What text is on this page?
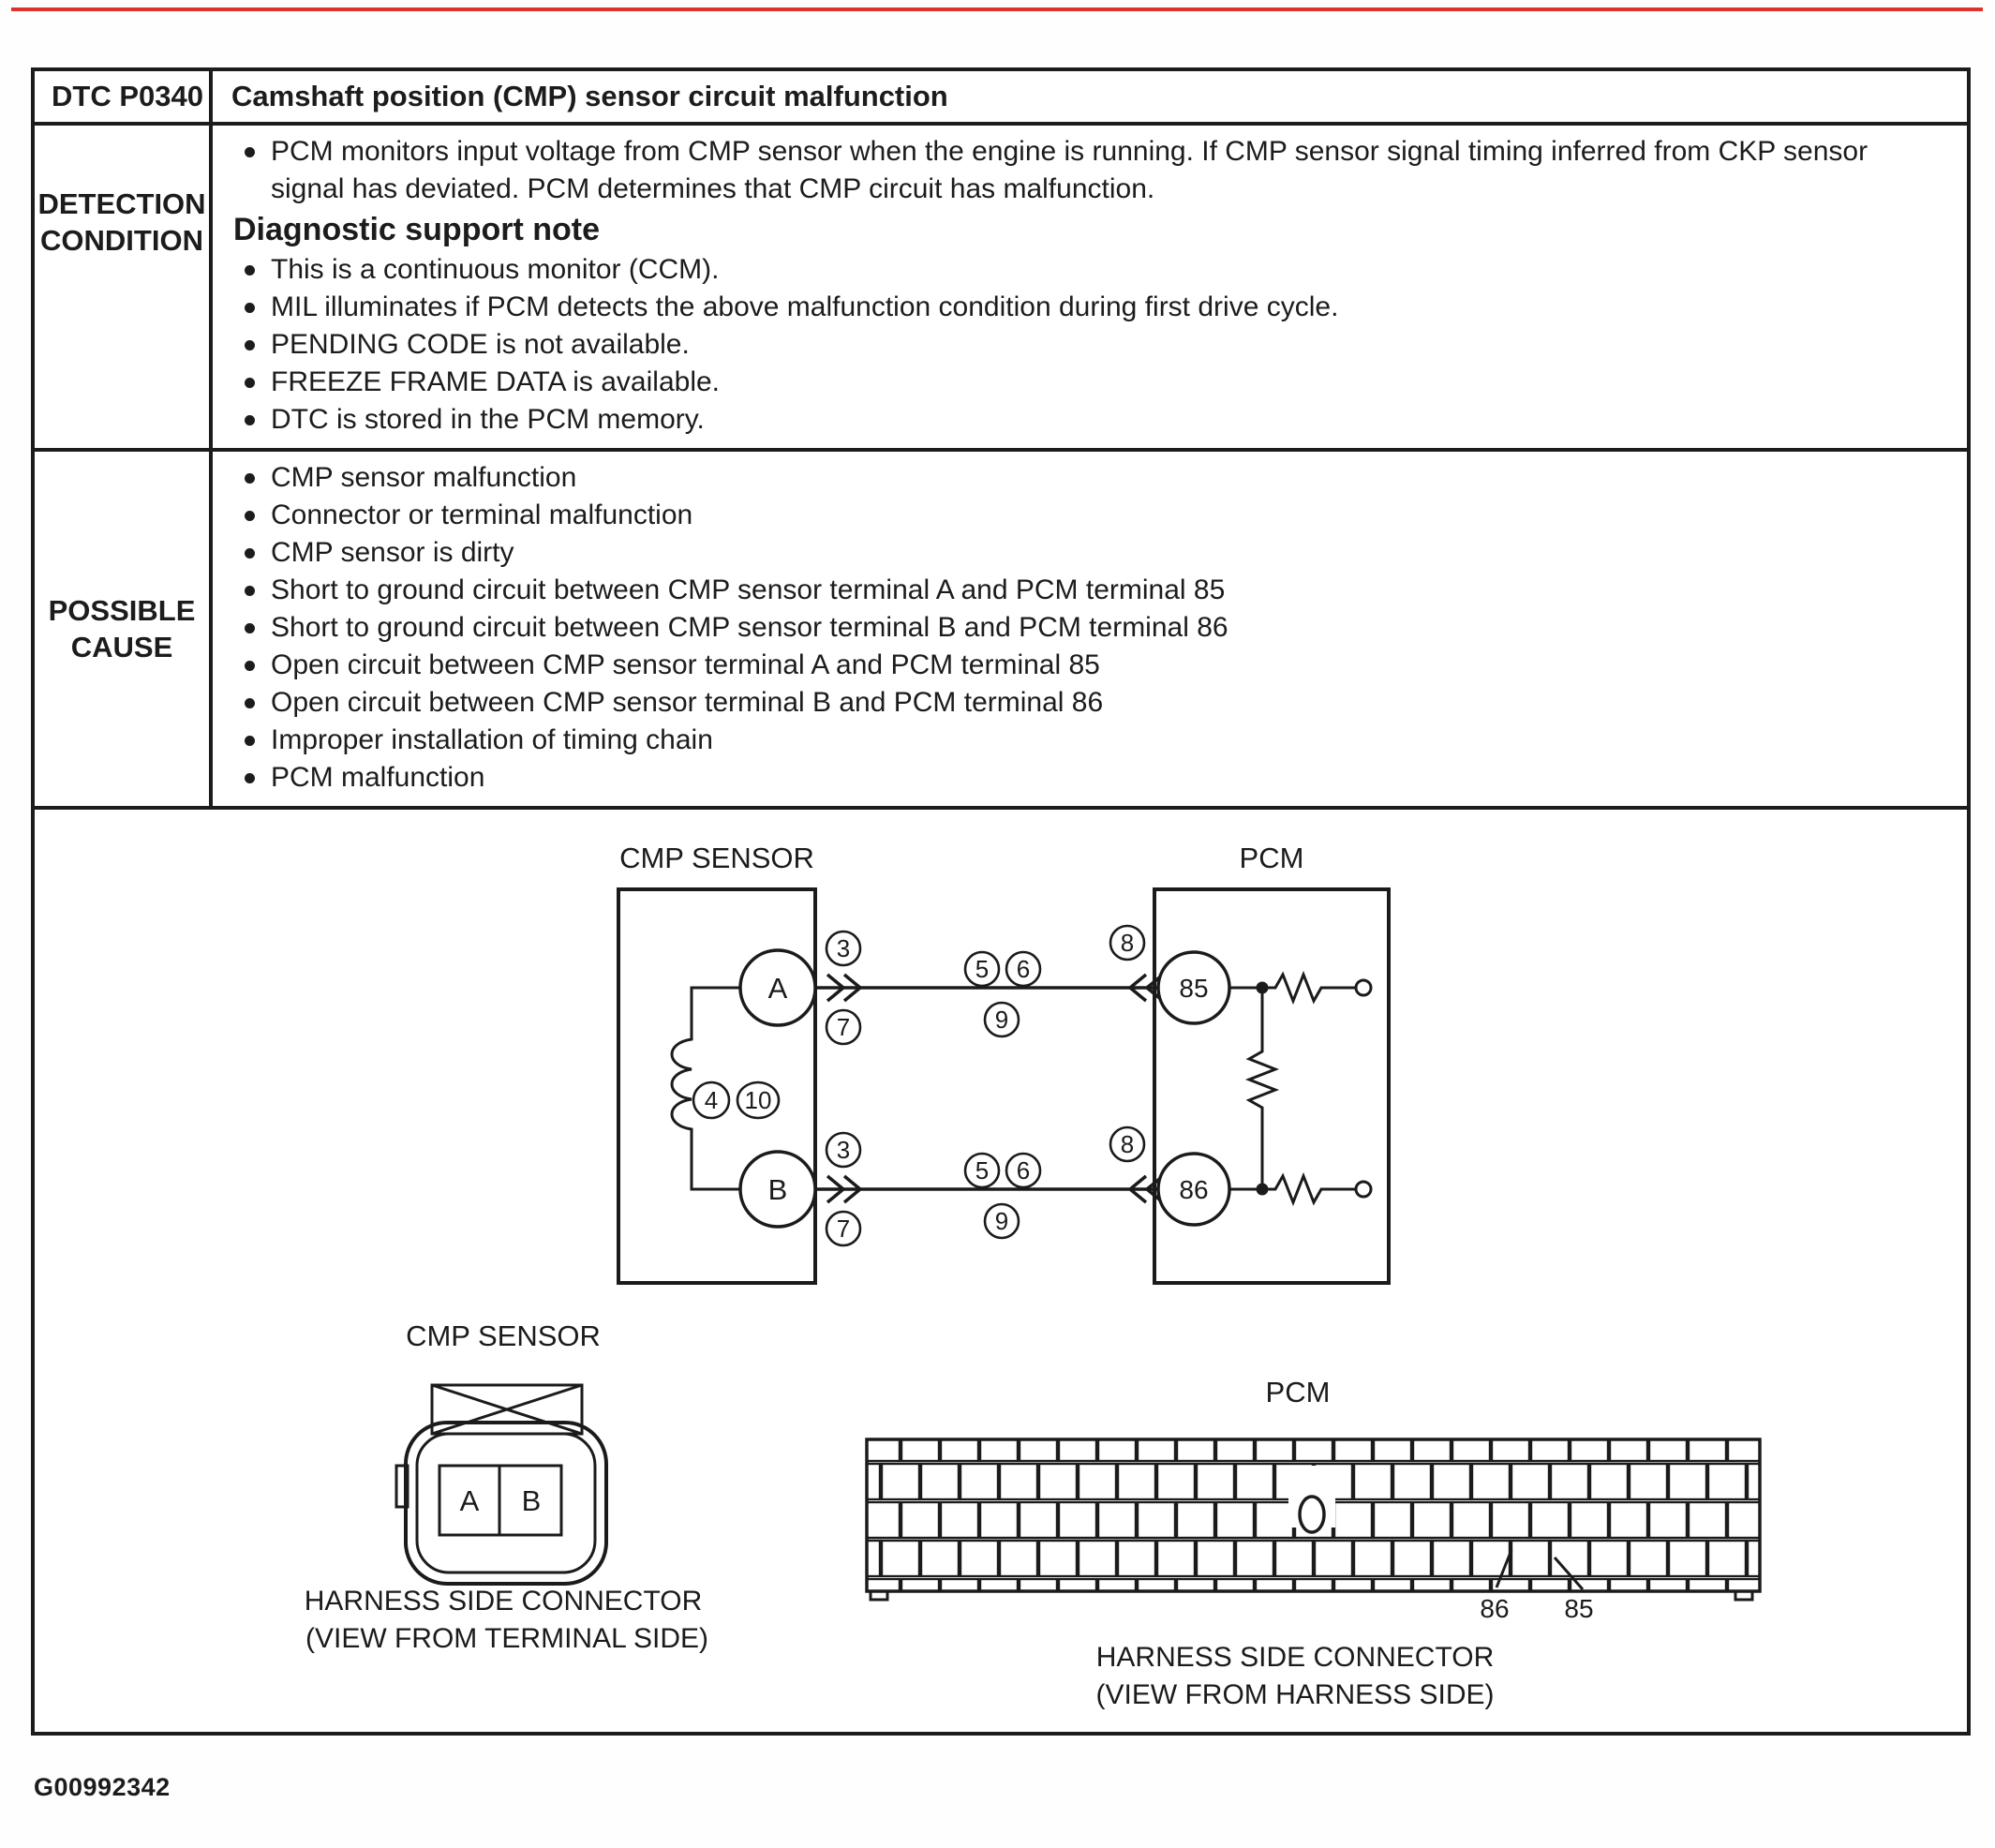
DTC P0340 Camshaft position (CMP) sensor circuit malfunction
DETECTION
CONDITION
PCM monitors input voltage from CMP sensor when the engine is running. If CMP sensor signal timing inferred from CKP sensor signal has deviated. PCM determines that CMP circuit has malfunction.
Diagnostic support note
This is a continuous monitor (CCM).
MIL illuminates if PCM detects the above malfunction condition during first drive cycle.
PENDING CODE is not available.
FREEZE FRAME DATA is available.
DTC is stored in the PCM memory.
POSSIBLE
CAUSE
CMP sensor malfunction
Connector or terminal malfunction
CMP sensor is dirty
Short to ground circuit between CMP sensor terminal A and PCM terminal 85
Short to ground circuit between CMP sensor terminal B and PCM terminal 86
Open circuit between CMP sensor terminal A and PCM terminal 85
Open circuit between CMP sensor terminal B and PCM terminal 86
Improper installation of timing chain
PCM malfunction
CMP SENSOR	PCM
A
B
4 10
3
7
5 6
9
8
3
7
5 6
9
8
85
86
CMP SENSOR
A B
HARNESS SIDE CONNECTOR
(VIEW FROM TERMINAL SIDE)
PCM
86 85
HARNESS SIDE CONNECTOR
(VIEW FROM HARNESS SIDE)
G00992342
